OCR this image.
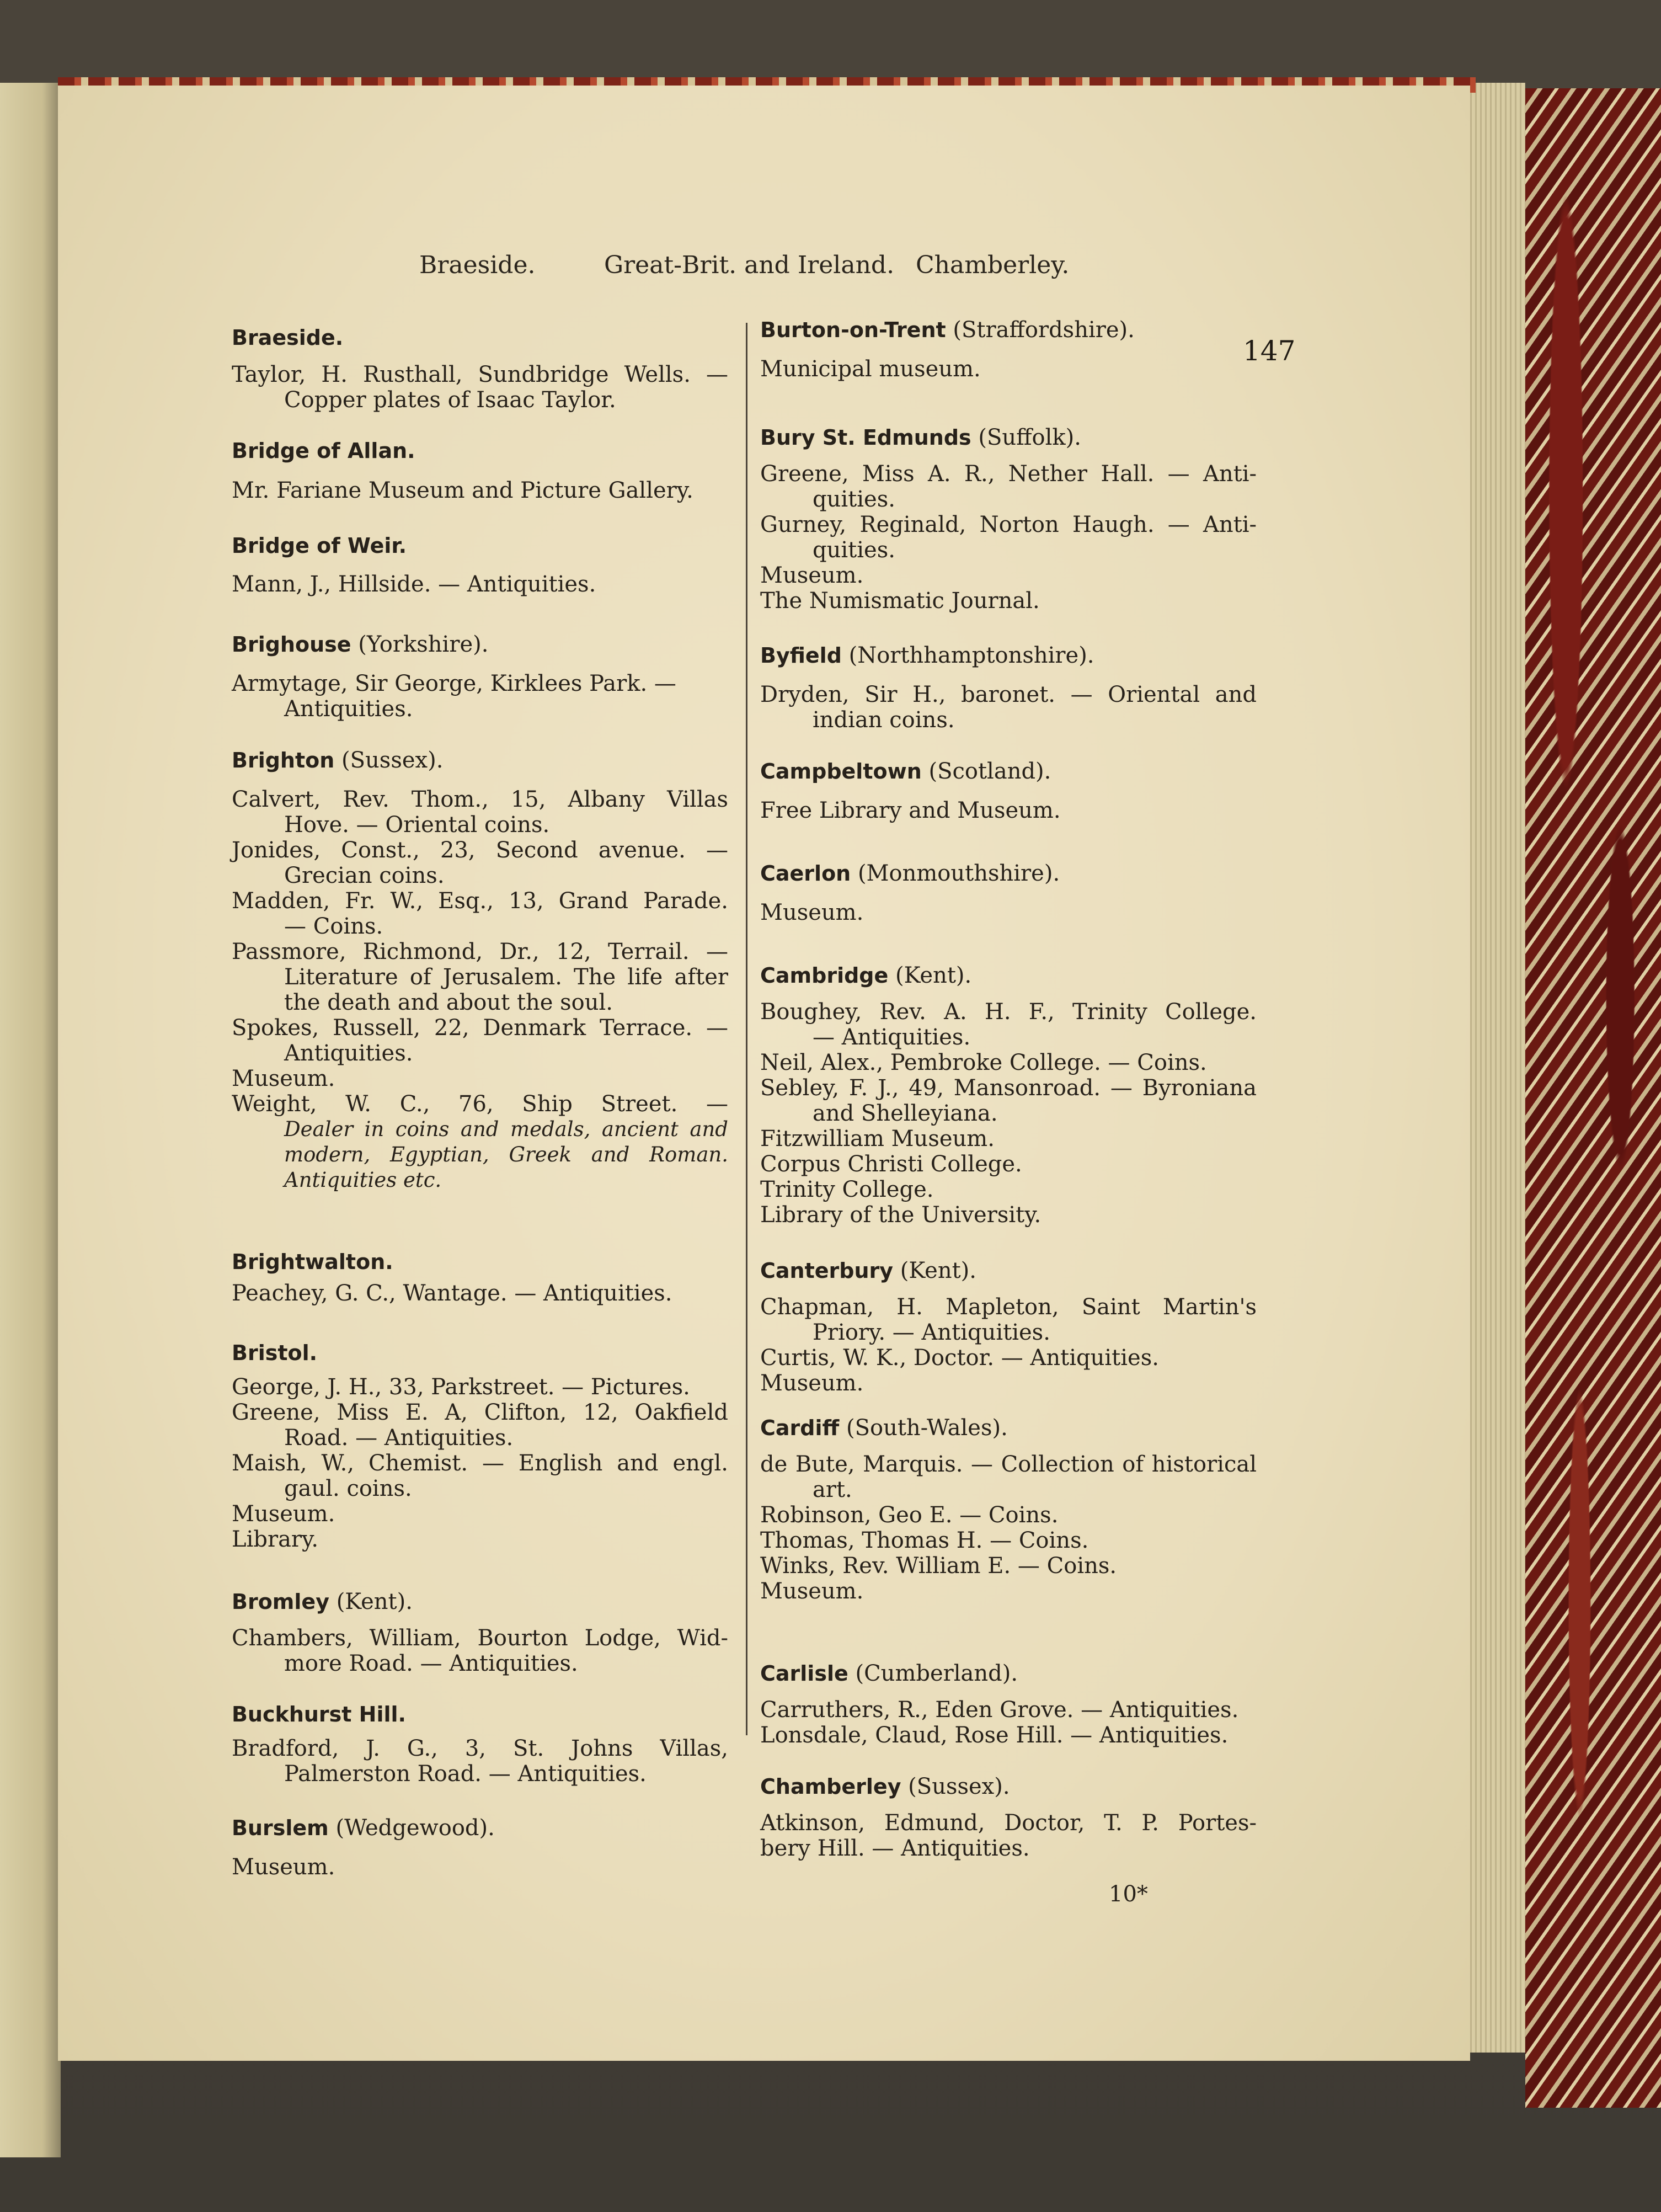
Braeside.	Great-Brit. and Ireland. Chamberley.
147
Braeside.
Taylor, H. Rusthall, Sundbridge Wells. —
Copper plates of Isaac Taylor.
Bridge of Allan.
Mr. Fariane Museum and Picture Gallery.
Bridge of Weir.
Mann, J., Hillside. — Antiquities.
Brighouse (Yorkshire).
Armytage, Sir George, Kirklees Park. —
Antiquities.
Brighton (Sussex).
Calvert, Rev. Thom., 15, Albany Villas
Hove. — Oriental coins.
Jonides, Const., 23, Second avenue. —
Grecian coins.
Madden, Fr. W., Esq., 13, Grand Parade.
— Coins.
Passmore, Richmond, Dr., 12, Terrail. —
Literature of Jerusalem. The life after
the death and about the soul.
Spokes, Russell, 22, Denmark Terrace. —
Antiquities.
Museum.
Weight, W. C., 76, Ship Street. —
Dealer in coins and medals, ancient and
modern, Egyptian, Greek and Roman.
Antiquities etc.
Brightwalton.
Peachey, G. C., Wantage. — Antiquities.
Bristol.
George, J. H., 33, Parkstreet. — Pictures.
Greene, Miss E. A, Clifton, 12, Oakfield
Road. — Antiquities.
Maish, W., Chemist. — English and engl.
gaul. coins.
Museum.
Library.
Bromley (Kent).
Chambers, William, Bourton Lodge, Wid-
more Road. — Antiquities.
Buckhurst Hill.
Bradford, J. G., 3, St. Johns Villas,
Palmerston Road. — Antiquities.
Burslem (Wedgewood).
Museum.
Burton-on-Trent (Straffordshire).
Municipal museum.
Bury St. Edmunds (Suffolk).
Greene, Miss A. R., Nether Hall. — Anti-
quities.
Gurney, Reginald, Norton Haugh. — Anti-
quities.
Museum.
The Numismatic Journal.
Byfield (Northhamptonshire).
Dryden, Sir H., baronet. — Oriental and
indian coins.
Campbeltown (Scotland).
Free Library and Museum.
Caerlon (Monmouthshire).
Museum.
Cambridge (Kent).
Boughey, Rev. A. H. F., Trinity College.
— Antiquities.
Neil, Alex., Pembroke College. — Coins.
Sebley, F. J., 49, Mansonroad. — Byroniana
and Shelleyiana.
Fitzwilliam Museum.
Corpus Christi College.
Trinity College.
Library of the University.
Canterbury (Kent).
Chapman, H. Mapleton, Saint Martin's
Priory. — Antiquities.
Curtis, W. K., Doctor. — Antiquities.
Museum.
Cardiff (South-Wales).
de Bute, Marquis. — Collection of historical
art.
Robinson, Geo E. — Coins.
Thomas, Thomas H. — Coins.
Winks, Rev. William E. — Coins.
Museum.
Carlisle (Cumberland).
Carruthers, R., Eden Grove. — Antiquities.
Lonsdale, Claud, Rose Hill. — Antiquities.
Chamberley (Sussex).
Atkinson, Edmund, Doctor, T. P. Portes-
bery Hill. — Antiquities.
10*
